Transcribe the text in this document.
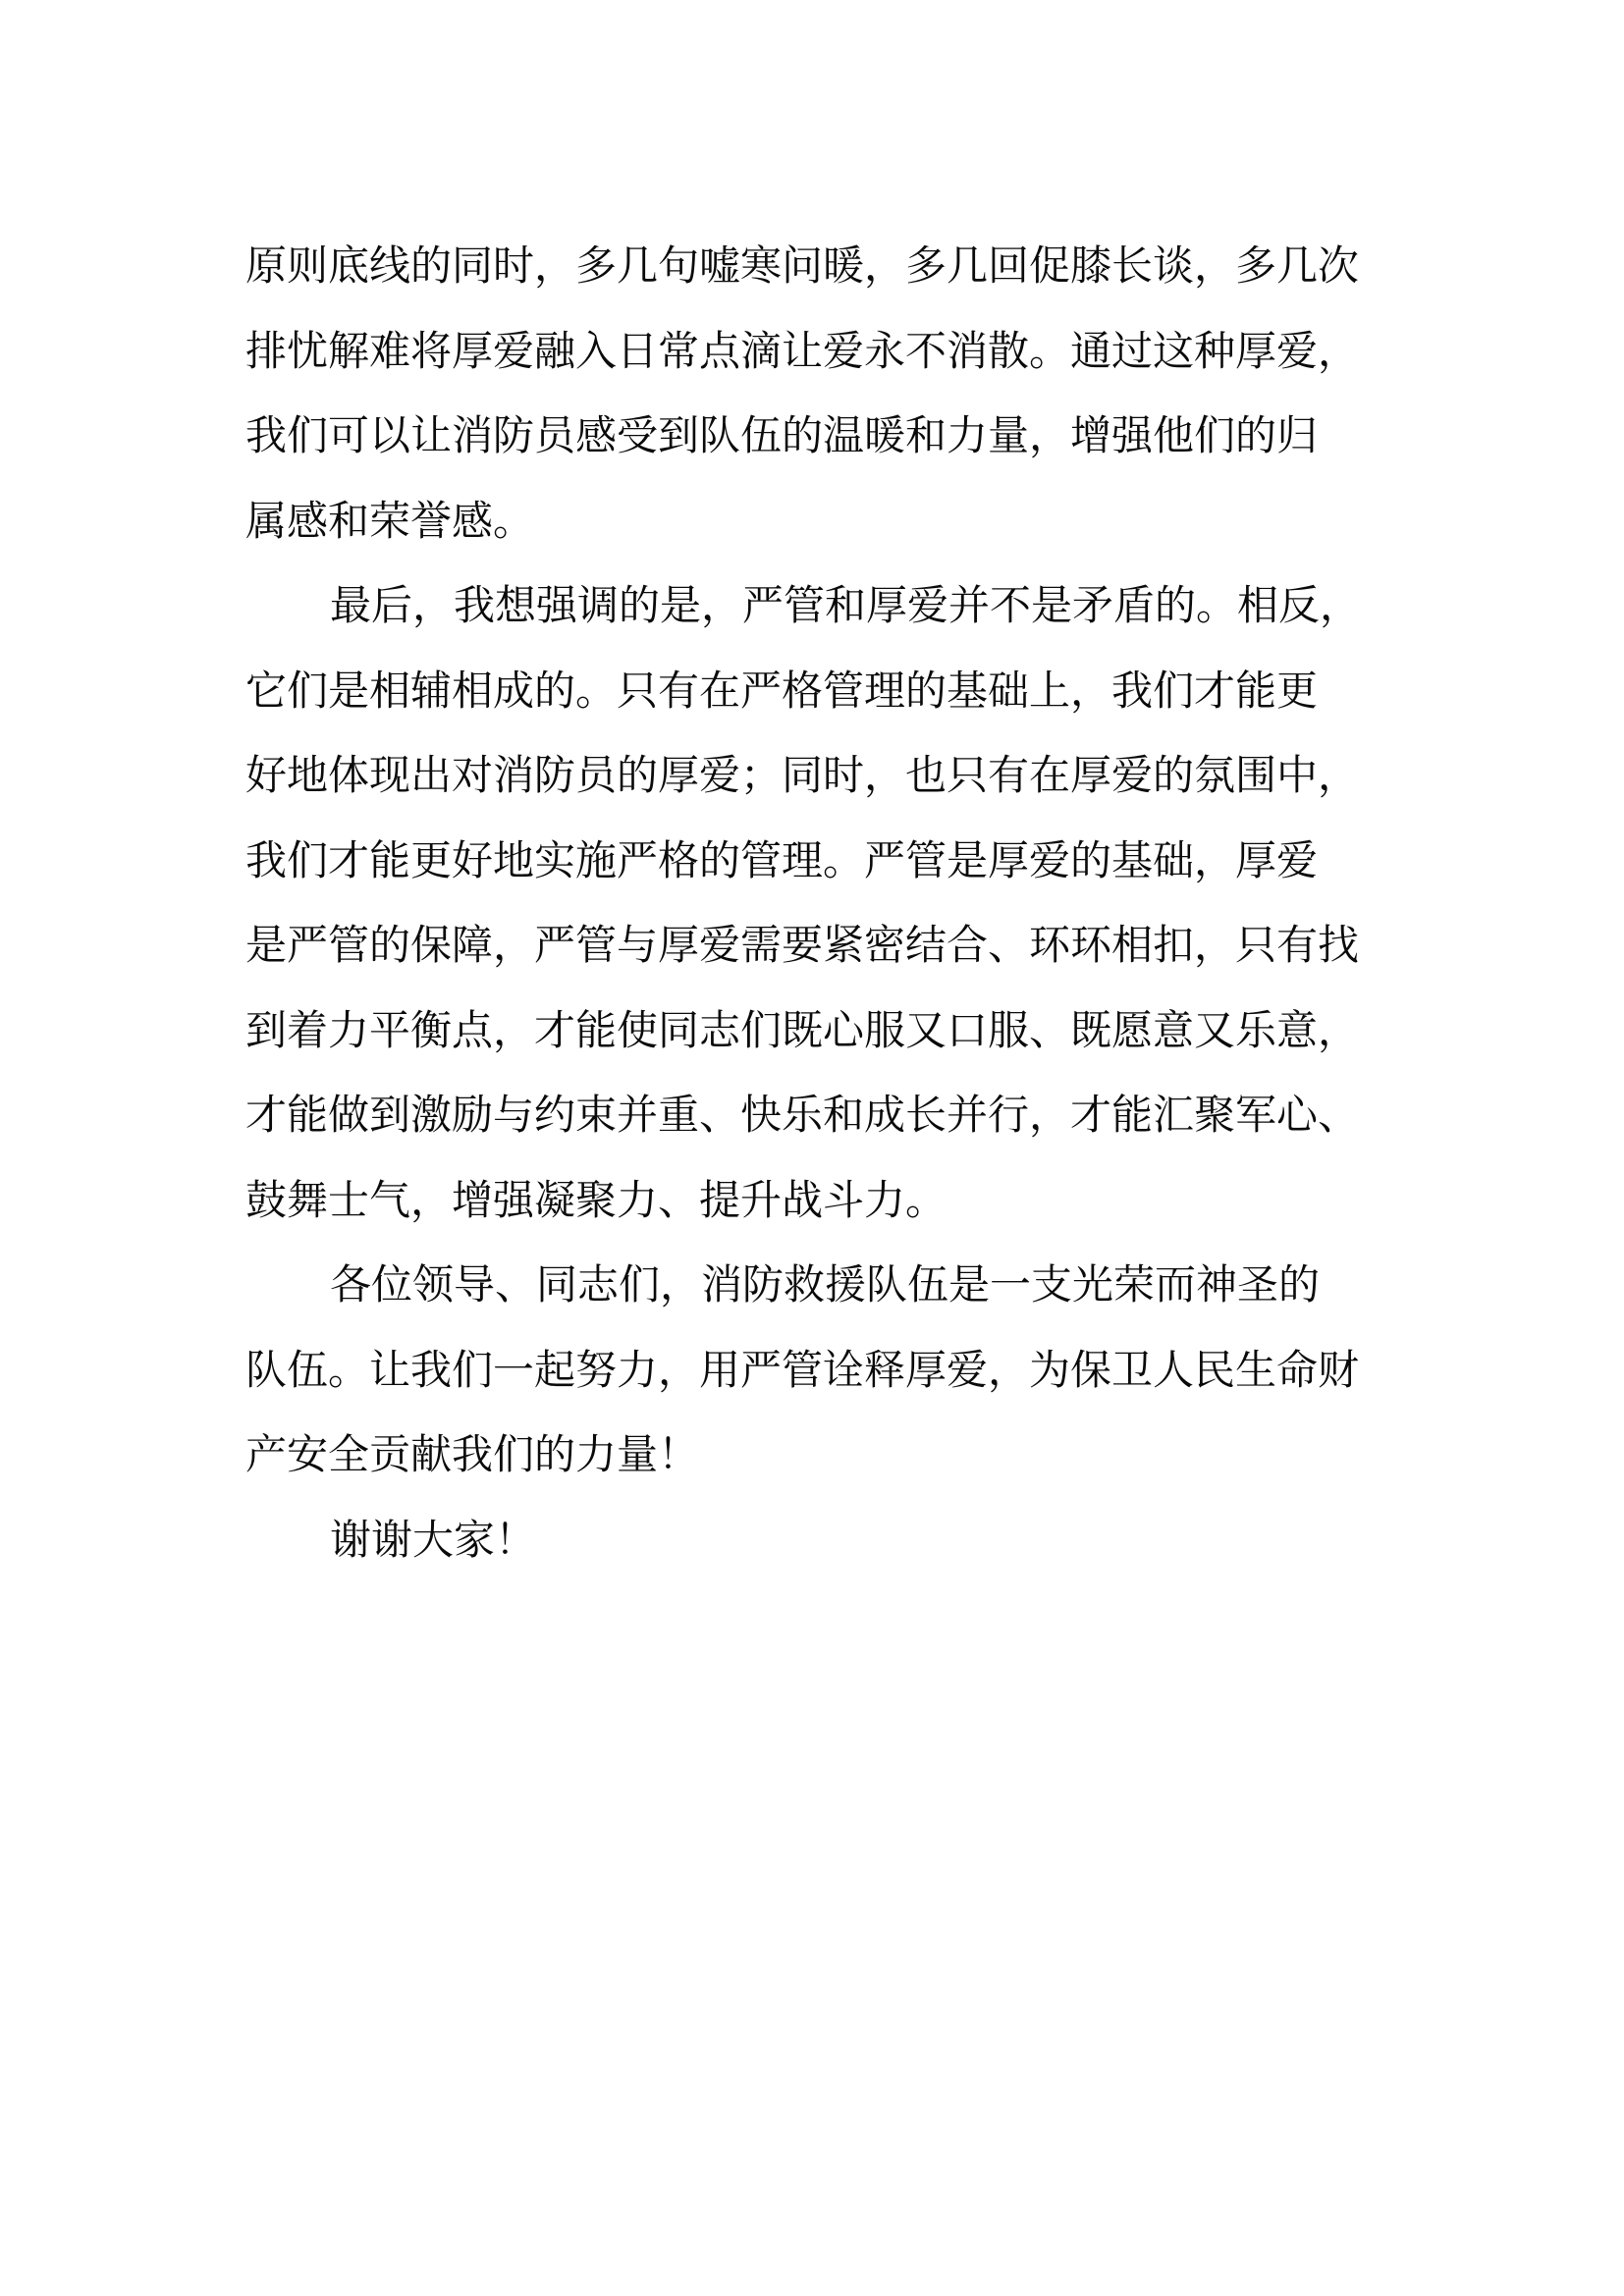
原则底线的同时，多几句嘘寒问暖，多几回促膝长谈，多几次
排忧解难将厚爱融入日常点滴让爱永不消散。通过这种厚爱，
我们可以让消防员感受到队伍的温暖和力量，增强他们的归
属感和荣誉感。
最后，我想强调的是，严管和厚爱并不是矛盾的。相反，
它们是相辅相成的。只有在严格管理的基础上，我们才能更
好地体现出对消防员的厚爱；同时，也只有在厚爱的氛围中，
我们才能更好地实施严格的管理。严管是厚爱的基础，厚爱
是严管的保障，严管与厚爱需要紧密结合、环环相扣，只有找
到着力平衡点，才能使同志们既心服又口服、既愿意又乐意，
才能做到激励与约束并重、快乐和成长并行，才能汇聚军心、
鼓舞士气，增强凝聚力、提升战斗力。
各位领导、同志们，消防救援队伍是一支光荣而神圣的
队伍。让我们一起努力，用严管诠释厚爱，为保卫人民生命财
产安全贡献我们的力量！
谢谢大家！
